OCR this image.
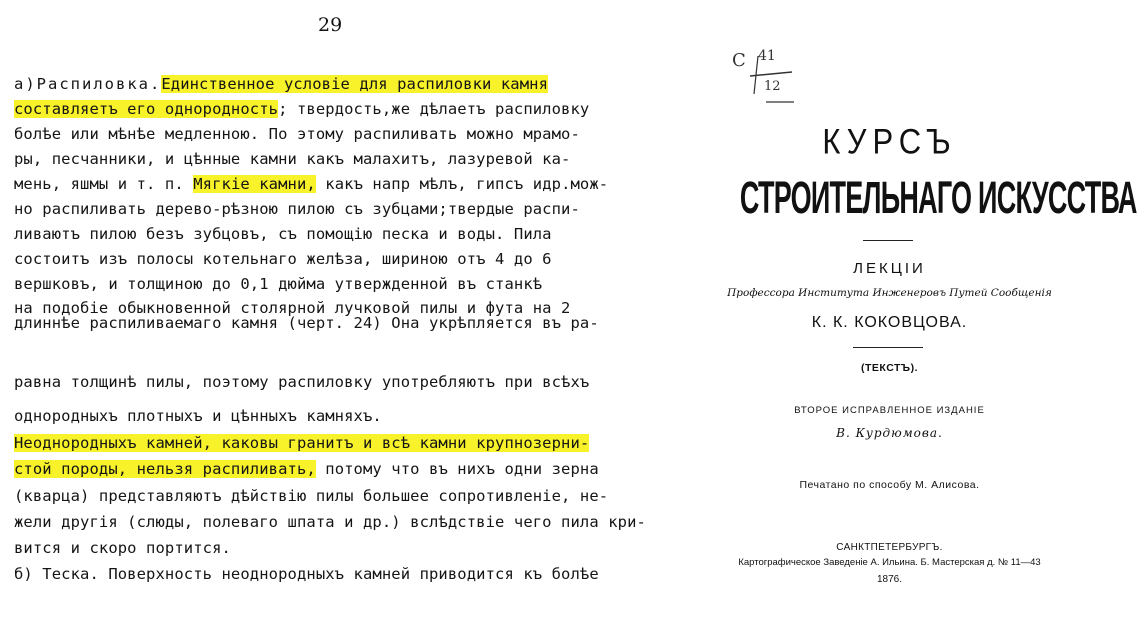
29
а)Распиловка.Единственное условіе для распиловки камня
составляетъ его однородность; твердость,же дѣлаетъ распиловку
болѣе или мѣнѣе медленною. По этому распиливать можно мрамо-
ры, песчанники, и цѣнные камни какъ малахитъ, лазуревой ка-
мень, яшмы и т. п. Мягкіе камни, какъ напр мѣлъ, гипсъ идр.мож-
но распиливать дерево-рѣзною пилою съ зубцами;твердые распи-
ливаютъ пилою безъ зубцовъ, съ помощію песка и воды. Пила
состоитъ изъ полосы котельнаго желѣза, шириною отъ 4 до 6
вершковъ, и толщиною до 0,1 дюйма утвержденной въ станкѣ
на подобіе обыкновенной столярной лучковой пилы и фута на 2
длиннѣе распиливаемаго камня (черт. 24) Она укрѣпляется въ ра-
равна толщинѣ пилы, поэтому распиловку употребляютъ при всѣхъ
однородныхъ плотныхъ и цѣнныхъ камняхъ.
Неоднородныхъ камней, каковы гранитъ и всѣ камни крупнозерни-
стой породы, нельзя распиливать, потому что въ нихъ одни зерна
(кварца) представляютъ дѣйствію пилы большее сопротивленіе, не-
жели другія (слюды, полеваго шпата и др.) вслѣдствіе чего пила кри-
вится и скоро портится.
б) Теска. Поверхность неоднородныхъ камней приводится къ болѣе
С 41
12
КУРСЪ
СТРОИТЕЛЬНАГО ИСКУССТВА
ЛЕКЦІИ
Профессора Института Инженеровъ Путей Сообщенія
К. К. КОКОВЦОВА.
(ТЕКСТЪ).
ВТОРОЕ ИСПРАВЛЕННОЕ ИЗДАНІЕ
В. Курдюмова.
Печатано по способу М. Алисова.
САНКТПЕТЕРБУРГЪ.
Картографическое Заведеніе А. Ильина. Б. Мастерская д. № 11—43
1876.
